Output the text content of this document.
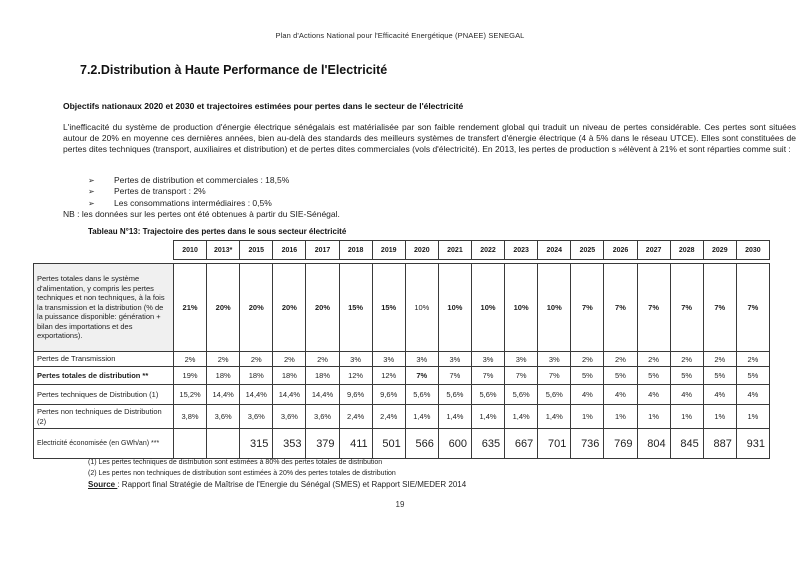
Plan d'Actions National pour l'Efficacité Energétique (PNAEE) SENEGAL
7.2.Distribution à Haute Performance de l'Electricité
Objectifs nationaux 2020 et 2030 et trajectoires estimées pour pertes dans le secteur de l'électricité
L'inefficacité du système de production d'énergie électrique sénégalais est matérialisée par son faible rendement global qui traduit un niveau de pertes considérable. Ces pertes sont situées autour de 20% en moyenne ces dernières années, bien au-delà des standards des meilleurs systèmes de transfert d'énergie électrique (4 à 5% dans le réseau UTCE). Elles sont constituées de pertes dites techniques (transport, auxiliaires et distribution) et de pertes dites commerciales (vols d'électricité). En 2013, les pertes de production s »élèvent à 21% et sont réparties comme suit :
➢	Pertes de distribution et commerciales : 18,5%
➢	Pertes de transport : 2%
➢	Les consommations intermédiaires : 0,5%
NB : les données sur les pertes ont été obtenues à partir du SIE-Sénégal.
Tableau N°13: Trajectoire des pertes dans le sous secteur électricité
2010	2013*	2015	2016	2017	2018	2019	2020	2021	2022	2023	2024	2025	2026	2027	2028	2029	2030
Pertes totales dans le système d'alimentation, y compris les pertes techniques et non techniques, à la fois la transmission et la distribution (% de la puissance disponible: génération + bilan des importations et des exportations).	21%	20%	20%	20%	20%	15%	15%	10%	10%	10%	10%	10%	7%	7%	7%	7%	7%	7%
Pertes de Transmission	2%	2%	2%	2%	2%	3%	3%	3%	3%	3%	3%	3%	2%	2%	2%	2%	2%	2%
Pertes totales de distribution **	19%	18%	18%	18%	18%	12%	12%	7%	7%	7%	7%	7%	5%	5%	5%	5%	5%	5%
Pertes techniques de Distribution (1)	15,2%	14,4%	14,4%	14,4%	14,4%	9,6%	9,6%	5,6%	5,6%	5,6%	5,6%	5,6%	4%	4%	4%	4%	4%	4%
Pertes non techniques de Distribution (2)	3,8%	3,6%	3,6%	3,6%	3,6%	2,4%	2,4%	1,4%	1,4%	1,4%	1,4%	1,4%	1%	1%	1%	1%	1%	1%
Electricité économisée (en GWh/an) ***			315	353	379	411	501	566	600	635	667	701	736	769	804	845	887	931
(1) Les pertes techniques de distribution sont estimées à 80% des pertes totales de distribution
(2) Les pertes non techniques de distribution sont estimées à 20% des pertes totales de distribution
Source : Rapport final Stratégie de Maîtrise de l'Energie du Sénégal (SMES) et Rapport SIE/MEDER 2014
19
